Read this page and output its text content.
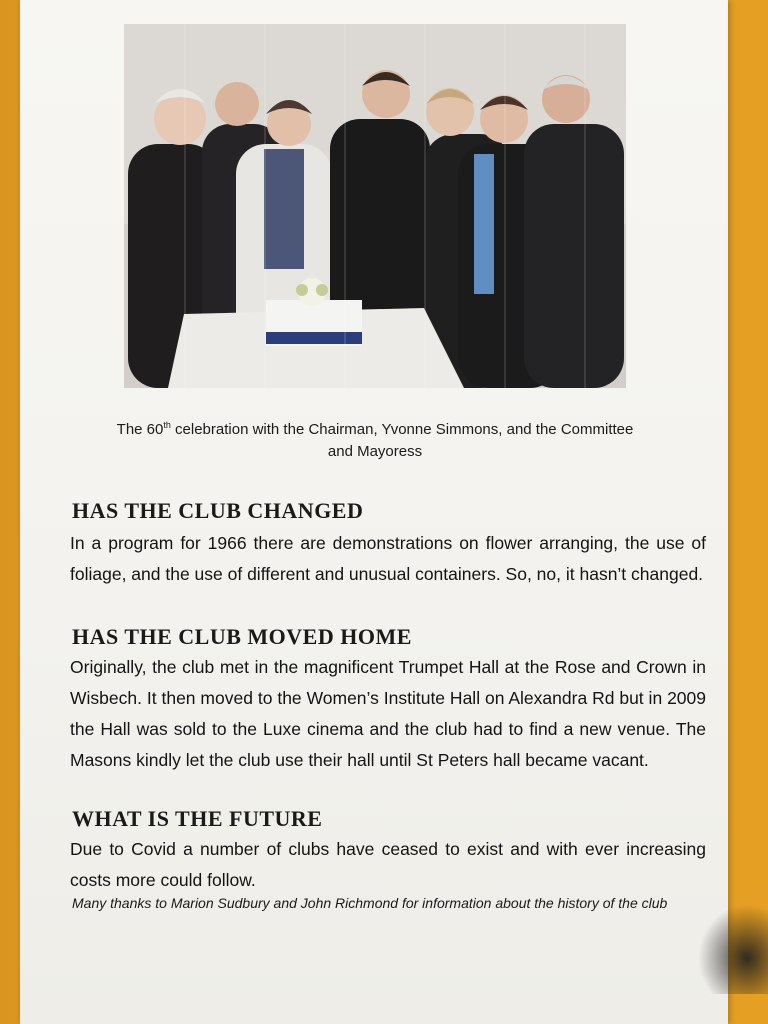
The 60th celebration with the Chairman, Yvonne Simmons, and the Committee
and Mayoress
HAS THE CLUB CHANGED
In a program for 1966 there are demonstrations on flower arranging, the use of foliage, and the use of different and unusual containers. So, no, it hasn’t changed.
HAS THE CLUB MOVED HOME
Originally, the club met in the magnificent Trumpet Hall at the Rose and Crown in Wisbech. It then moved to the Women’s Institute Hall on Alexandra Rd but in 2009 the Hall was sold to the Luxe cinema and the club had to find a new venue. The Masons kindly let the club use their hall until St Peters hall became vacant.
WHAT IS THE FUTURE
Due to Covid a number of clubs have ceased to exist and with ever increasing costs more could follow.
Many thanks to Marion Sudbury and John Richmond for information about the history of the club
